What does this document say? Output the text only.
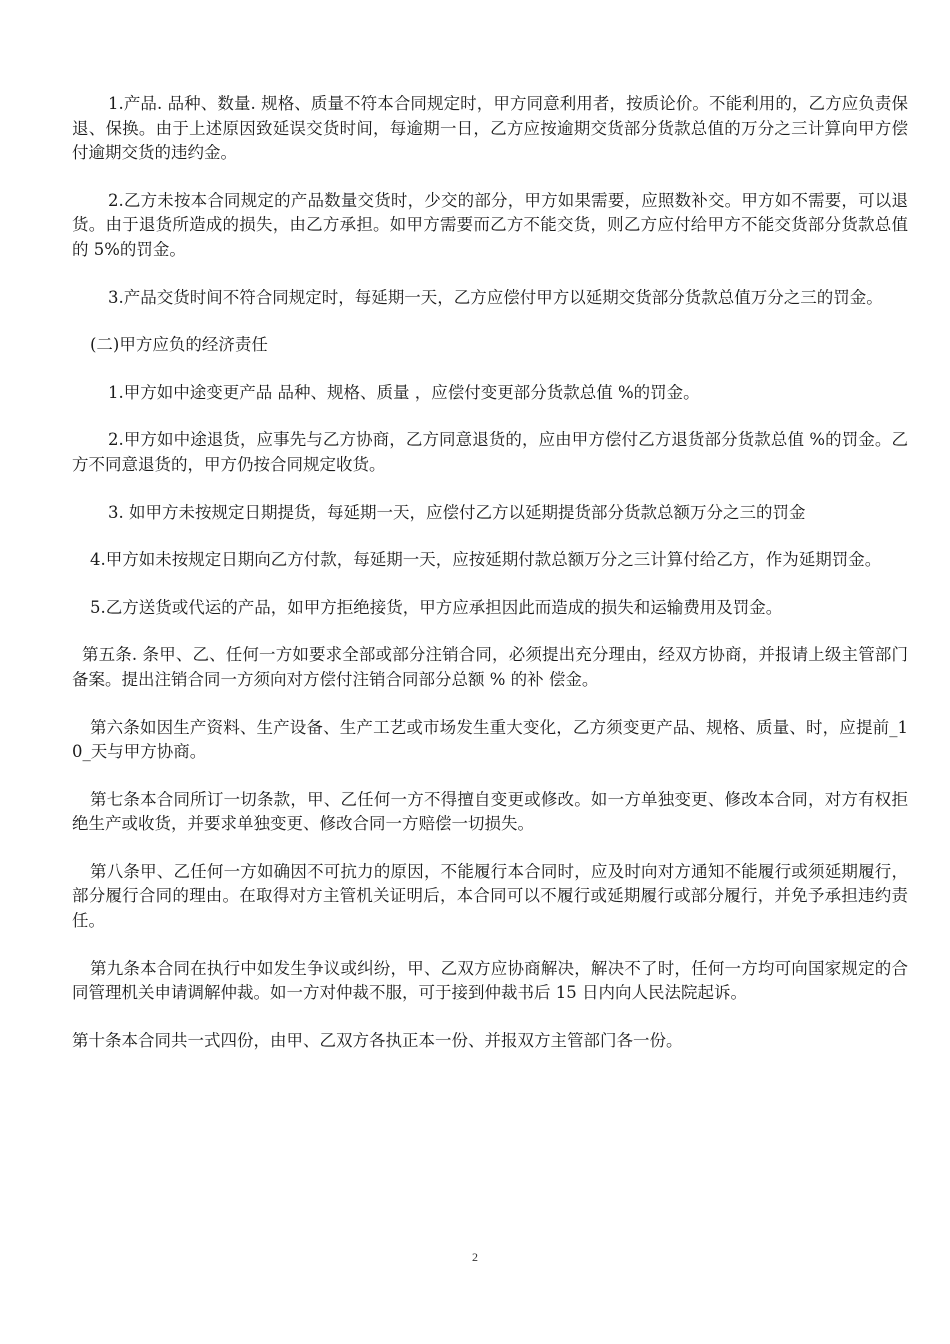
1.产品. 品种、数量. 规格、质量不符本合同规定时，甲方同意利用者，按质论价。不能利用的，乙方应负责保退、保换。由于上述原因致延误交货时间，每逾期一日，乙方应按逾期交货部分货款总值的万分之三计算向甲方偿付逾期交货的违约金。

2.乙方未按本合同规定的产品数量交货时，少交的部分，甲方如果需要，应照数补交。甲方如不需要，可以退货。由于退货所造成的损失，由乙方承担。如甲方需要而乙方不能交货，则乙方应付给甲方不能交货部分货款总值的 5%的罚金。

3.产品交货时间不符合同规定时，每延期一天，乙方应偿付甲方以延期交货部分货款总值万分之三的罚金。

(二)甲方应负的经济责任

1.甲方如中途变更产品 品种、规格、质量 ，应偿付变更部分货款总值 %的罚金。

2.甲方如中途退货，应事先与乙方协商，乙方同意退货的，应由甲方偿付乙方退货部分货款总值 %的罚金。乙方不同意退货的，甲方仍按合同规定收货。

3. 如甲方未按规定日期提货，每延期一天，应偿付乙方以延期提货部分货款总额万分之三的罚金

4.甲方如未按规定日期向乙方付款，每延期一天，应按延期付款总额万分之三计算付给乙方，作为延期罚金。

5.乙方送货或代运的产品，如甲方拒绝接货，甲方应承担因此而造成的损失和运输费用及罚金。

第五条. 条甲、乙、任何一方如要求全部或部分注销合同，必须提出充分理由，经双方协商，并报请上级主管部门备案。提出注销合同一方须向对方偿付注销合同部分总额 % 的补 偿金。

第六条如因生产资料、生产设备、生产工艺或市场发生重大变化，乙方须变更产品、规格、质量、时，应提前_10_天与甲方协商。

第七条本合同所订一切条款，甲、乙任何一方不得擅自变更或修改。如一方单独变更、修改本合同，对方有权拒绝生产或收货，并要求单独变更、修改合同一方赔偿一切损失。

第八条甲、乙任何一方如确因不可抗力的原因，不能履行本合同时，应及时向对方通知不能履行或须延期履行，部分履行合同的理由。在取得对方主管机关证明后，本合同可以不履行或延期履行或部分履行，并免予承担违约责任。

第九条本合同在执行中如发生争议或纠纷，甲、乙双方应协商解决，解决不了时，任何一方均可向国家规定的合同管理机关申请调解仲裁。如一方对仲裁不服，可于接到仲裁书后 15 日内向人民法院起诉。

第十条本合同共一式四份，由甲、乙双方各执正本一份、并报双方主管部门各一份。

2
